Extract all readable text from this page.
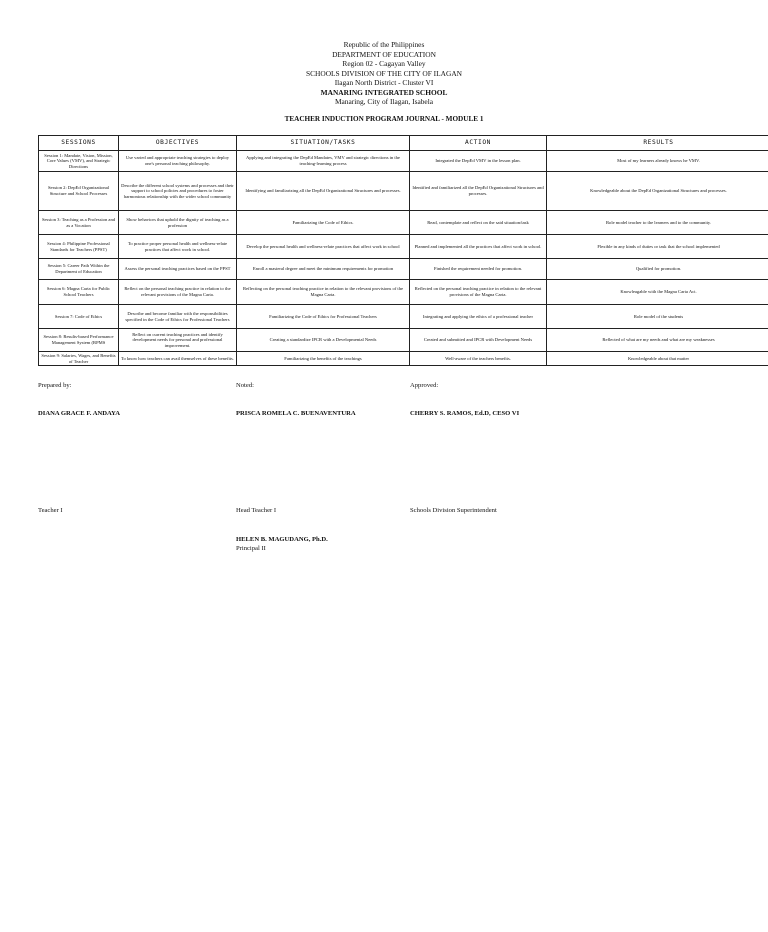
Republic of the Philippines
DEPARTMENT OF EDUCATION
Region 02 - Cagayan Valley
SCHOOLS DIVISION OF THE CITY OF ILAGAN
Ilagan North District - Cluster VI
MANARING INTEGRATED SCHOOL
Manaring, City of Ilagan, Isabela
TEACHER INDUCTION PROGRAM JOURNAL - MODULE 1
SESSIONS	OBJECTIVES	SITUATION/TASKS	ACTION	RESULTS
Session 1: Mandate, Vision, Mission, Core Values (VMV), and Strategic Directions	Use varied and appropriate teaching strategies to deploy one's personal teaching philosophy.	Applying and integrating the DepEd Mandates, VMV and strategic directions in the teaching-learning process	Integrated the DepEd VMV in the lesson plan.	Most of my learners already knows he VMV.
Session 2: DepEd Organizational Structure and School Processes	Describe the different school systems and processes and their support to school policies and procedures to foster harmonious relationship with the wider school community	Identifying and familiarizing all the DepEd Organizational Structures and processes.	Identified and familiarized all the DepEd Organizational Structures and processes.	Knowledgeable about the DepEd Organizational Structures and processes.
Session 3: Teaching as a Profession and as a Vocation	Show behaviors that uphold the dignity of teaching as a profession	Familiarizing the Code of Ethics.	Read, contemplate and reflect on the said situation/task	Role model teacher to the learners and to the community.
Session 4: Philippine Professional Standards for Teachers (PPST)	To practice proper personal health and wellness-relate practices that affect work in school.	Develop the personal health and wellness-relate practices that affect work in school	Planned and implemented all the practices that affect work in school.	Flexible in any kinds of duties or task that the school implemented
Session 5: Career Path Within the Department of Education	Assess the personal teaching practices based on the PPST	Enroll a masteral degree and meet the minimum requirements for promotion	Finished the requirement needed for promotion.	Qualified for promotion.
Session 6: Magna Carta for Public School Teachers	Reflect on the personal teaching practice in relation to the relevant provisions of the Magna Carta.	Reflecting on the personal teaching practice in relation to the relevant provisions of the Magna Carta.	Reflected on the personal teaching practice in relation to the relevant provisions of the Magna Carta.	Knowleagable with the Magna Carta Act.
Session 7: Code of Ethics	Describe and become familiar with the responsibilities specified in the Code of Ethics for Professional Teachers	Familiarizing the Code of Ethics for Professional Teachers	Integrating and applying the ethics of a professional teacher	Role model of the students
Session 8: Results-based Performance Management System (RPMS	Reflect on current teaching practices and identify development needs for personal and professional improvement.	Creating a standardize IPCR with a Developmental Needs	Created and submitted and IPCR with Development Needs	Reflected of what are my needs and what are my weaknesses
Session 9: Salaries, Wages, and Benefits of Teacher	To know how teachers can avail themselves of these benefits.	Familiarizing the benefits of the teachings	Well-aware of the teachers benefits.	Knowledgeable about that matter
Prepared by:	Noted:	Approved:
DIANA GRACE F. ANDAYA	PRISCA ROMELA C. BUENAVENTURA	CHERRY S. RAMOS, Ed.D, CESO VI
Teacher I	Head Teacher I	Schools Division Superintendent
HELEN B. MAGUDANG, Ph.D.
Principal II
